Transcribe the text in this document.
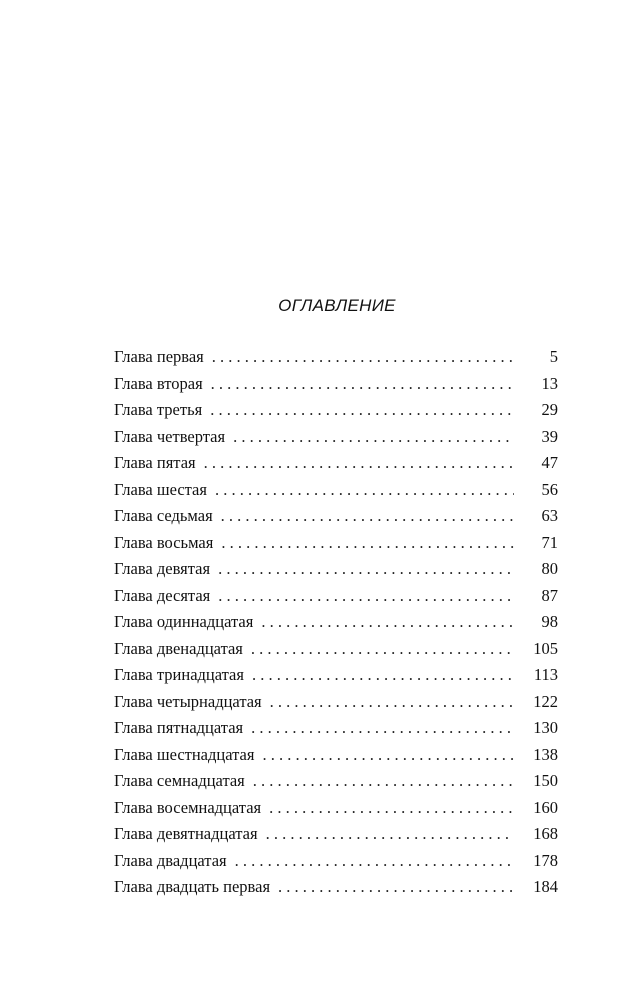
ОГЛАВЛЕНИЕ
Глава первая . . .	5
Глава вторая . . .	13
Глава третья . . .	29
Глава четвертая . . .	39
Глава пятая . . .	47
Глава шестая . . .	56
Глава седьмая . . .	63
Глава восьмая . . .	71
Глава девятая . . .	80
Глава десятая . . .	87
Глава одиннадцатая . . .	98
Глава двенадцатая . . .	105
Глава тринадцатая . . .	113
Глава четырнадцатая . . .	122
Глава пятнадцатая . . .	130
Глава шестнадцатая . . .	138
Глава семнадцатая . . .	150
Глава восемнадцатая . . .	160
Глава девятнадцатая . . .	168
Глава двадцатая . . .	178
Глава двадцать первая . . .	184
